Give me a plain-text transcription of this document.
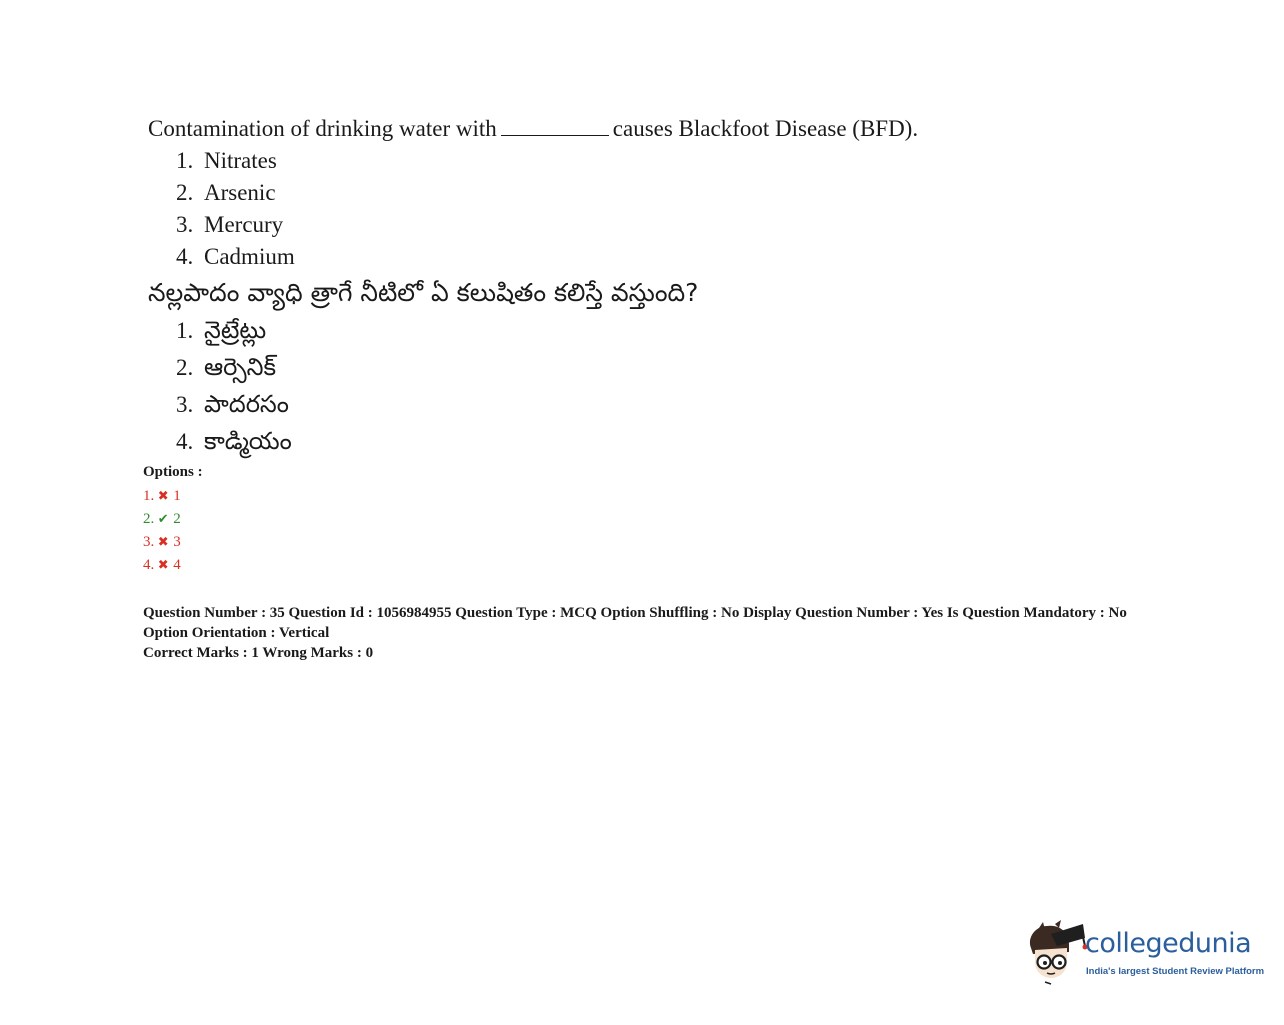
Contamination of drinking water with	causes Blackfoot Disease (BFD).
1. Nitrates
2. Arsenic
3. Mercury
4. Cadmium
నల్లపాదం వ్యాధి త్రాగే నీటిలో ఏ కలుషితం కలిస్తే వస్తుంది?
1. నైట్రేట్లు
2. ఆర్సెనిక్
3. పాదరసం
4. కాడ్మియం
Options :
1. ✖ 1
2. ✔ 2
3. ✖ 3
4. ✖ 4
Question Number : 35 Question Id : 1056984955 Question Type : MCQ Option Shuffling : No Display Question Number : Yes Is Question Mandatory : No
Option Orientation : Vertical
Correct Marks : 1 Wrong Marks : 0
collegedunia
India's largest Student Review Platform
